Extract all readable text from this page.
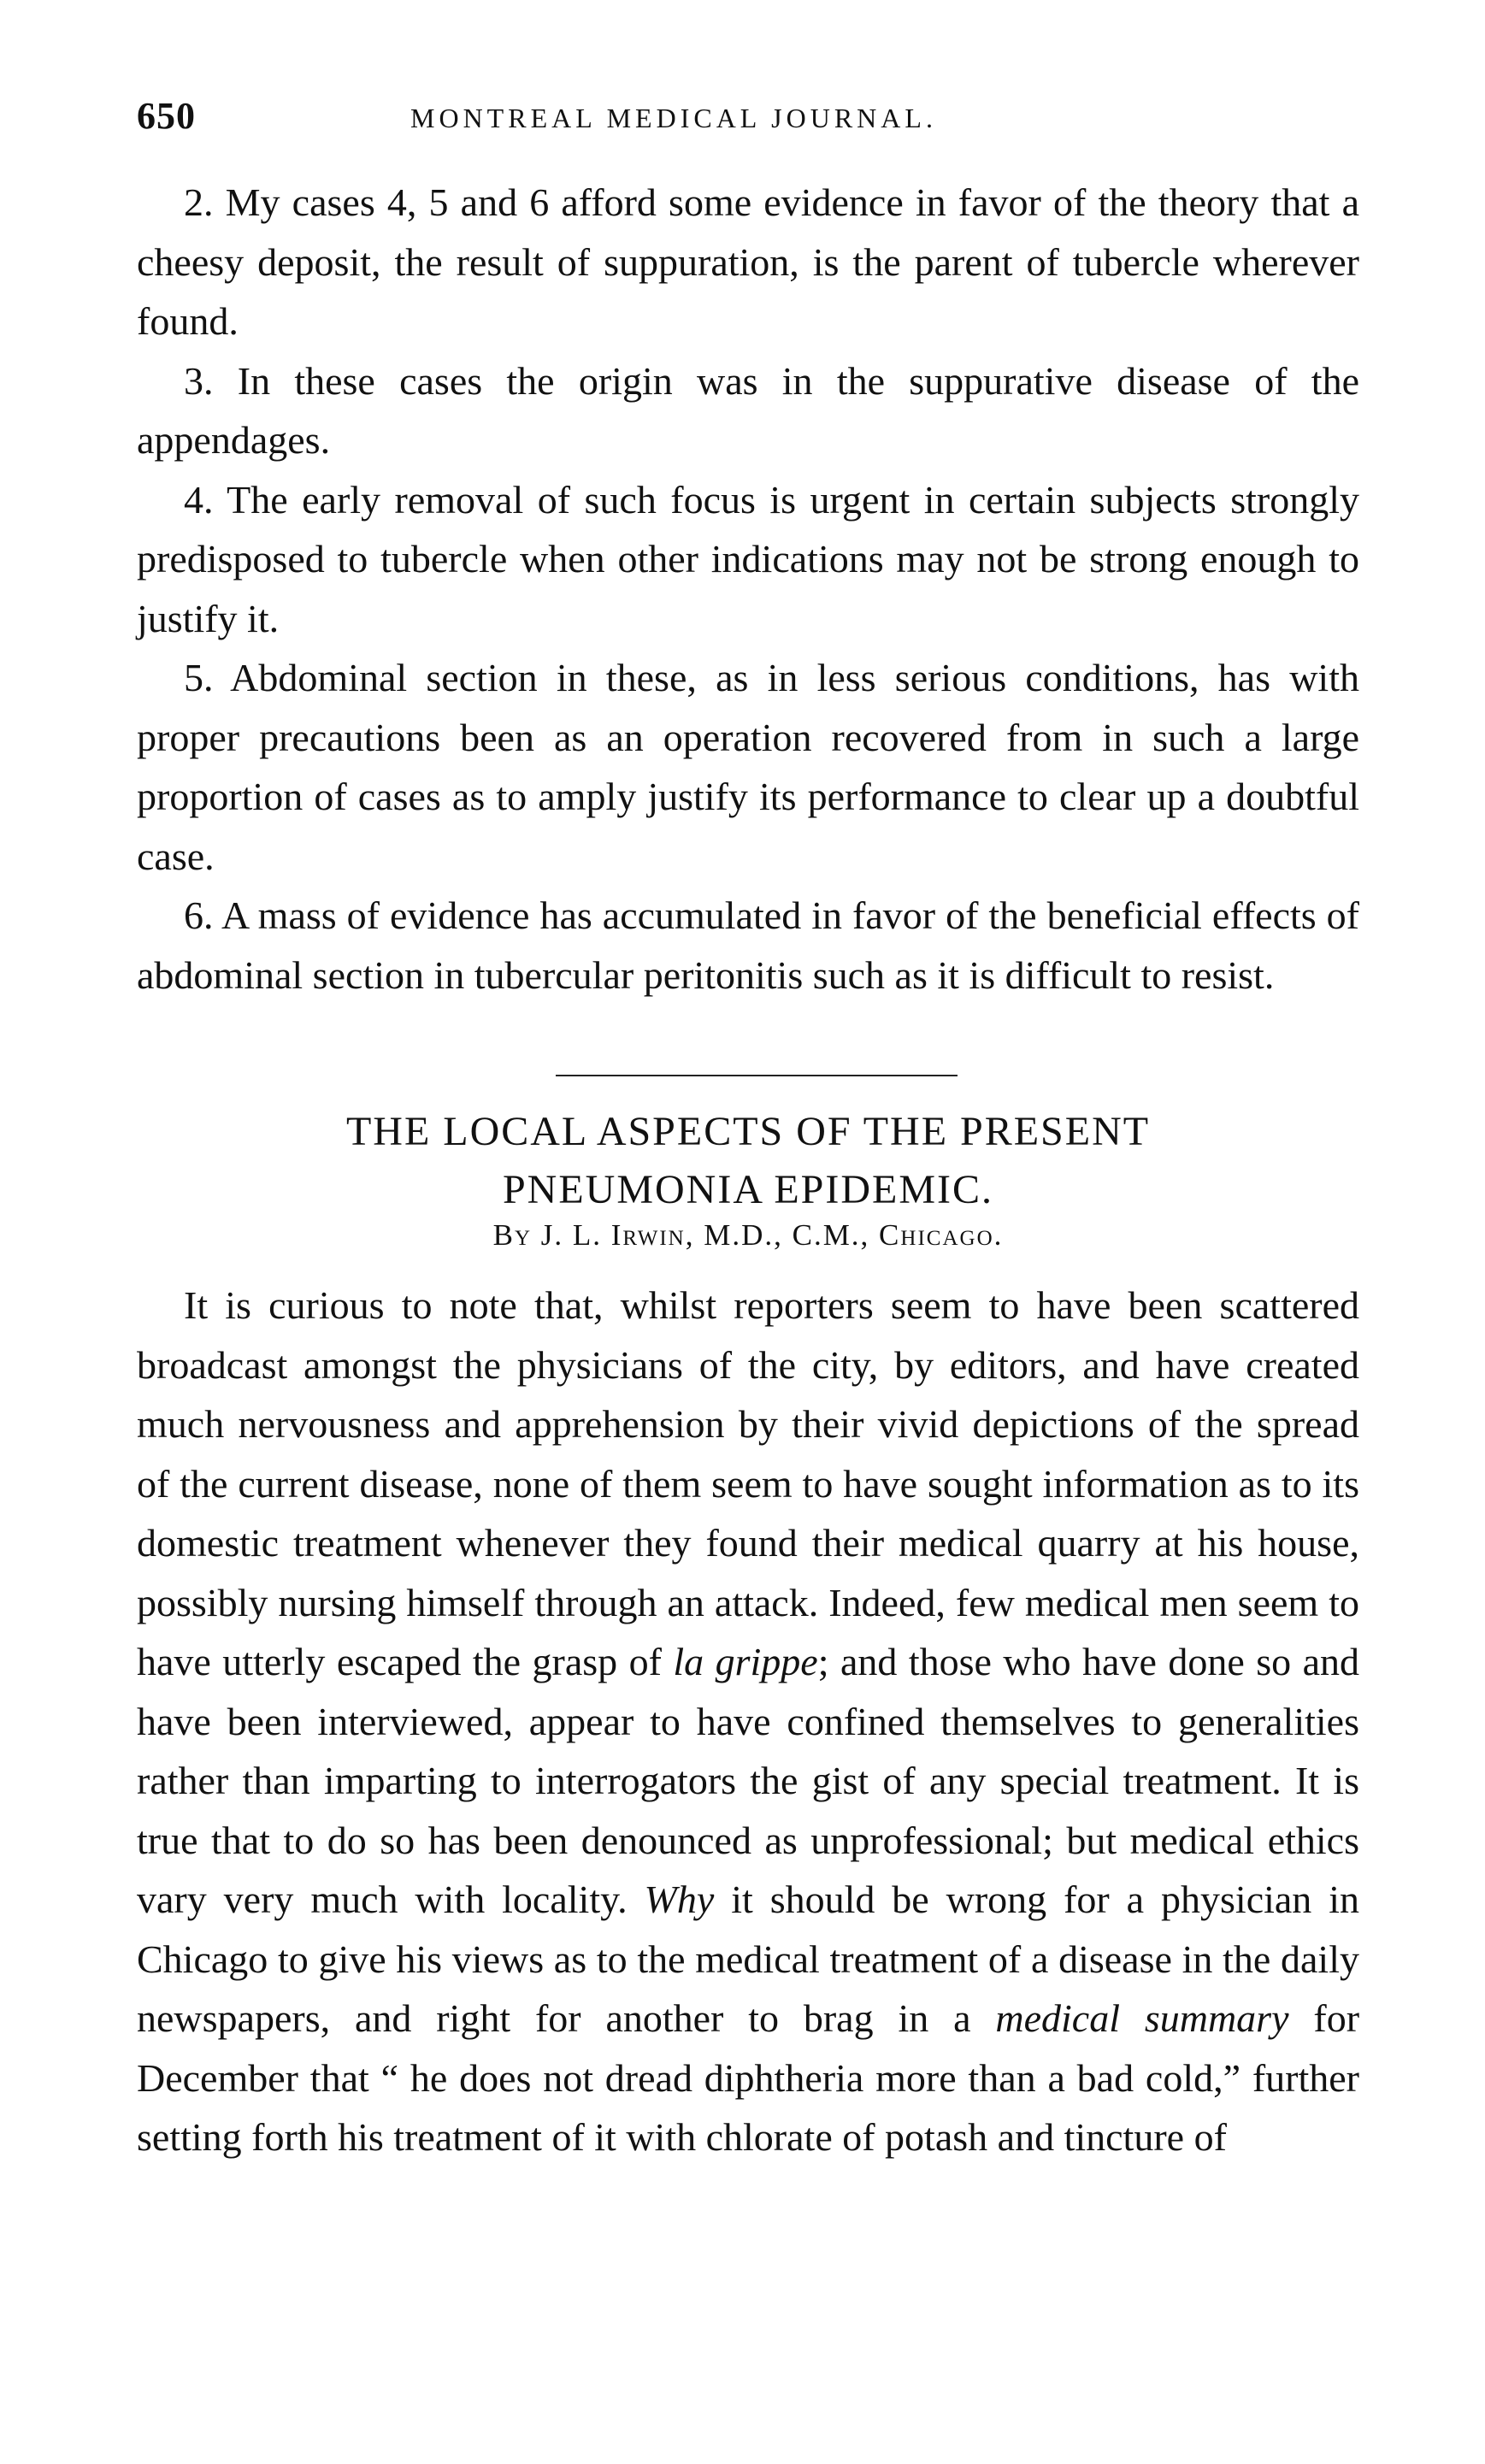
650	MONTREAL MEDICAL JOURNAL.

2. My cases 4, 5 and 6 afford some evidence in favor of the theory that a cheesy deposit, the result of suppuration, is the parent of tubercle wherever found.

3. In these cases the origin was in the suppurative disease of the appendages.

4. The early removal of such focus is urgent in certain subjects strongly predisposed to tubercle when other indications may not be strong enough to justify it.

5. Abdominal section in these, as in less serious conditions, has with proper precautions been as an operation recovered from in such a large proportion of cases as to amply justify its performance to clear up a doubtful case.

6. A mass of evidence has accumulated in favor of the beneficial effects of abdominal section in tubercular peritonitis such as it is difficult to resist.

THE LOCAL ASPECTS OF THE PRESENT
PNEUMONIA EPIDEMIC.
By J. L. Irwin, M.D., C.M., Chicago.

It is curious to note that, whilst reporters seem to have been scattered broadcast amongst the physicians of the city, by editors, and have created much nervousness and apprehension by their vivid depictions of the spread of the current disease, none of them seem to have sought information as to its domestic treatment whenever they found their medical quarry at his house, possibly nursing himself through an attack. Indeed, few medical men seem to have utterly escaped the grasp of la grippe; and those who have done so and have been interviewed, appear to have confined themselves to generalities rather than imparting to interrogators the gist of any special treatment. It is true that to do so has been denounced as unprofessional; but medical ethics vary very much with locality. Why it should be wrong for a physician in Chicago to give his views as to the medical treatment of a disease in the daily newspapers, and right for another to brag in a medical summary for December that “ he does not dread diphtheria more than a bad cold,” further setting forth his treatment of it with chlorate of potash and tincture of
